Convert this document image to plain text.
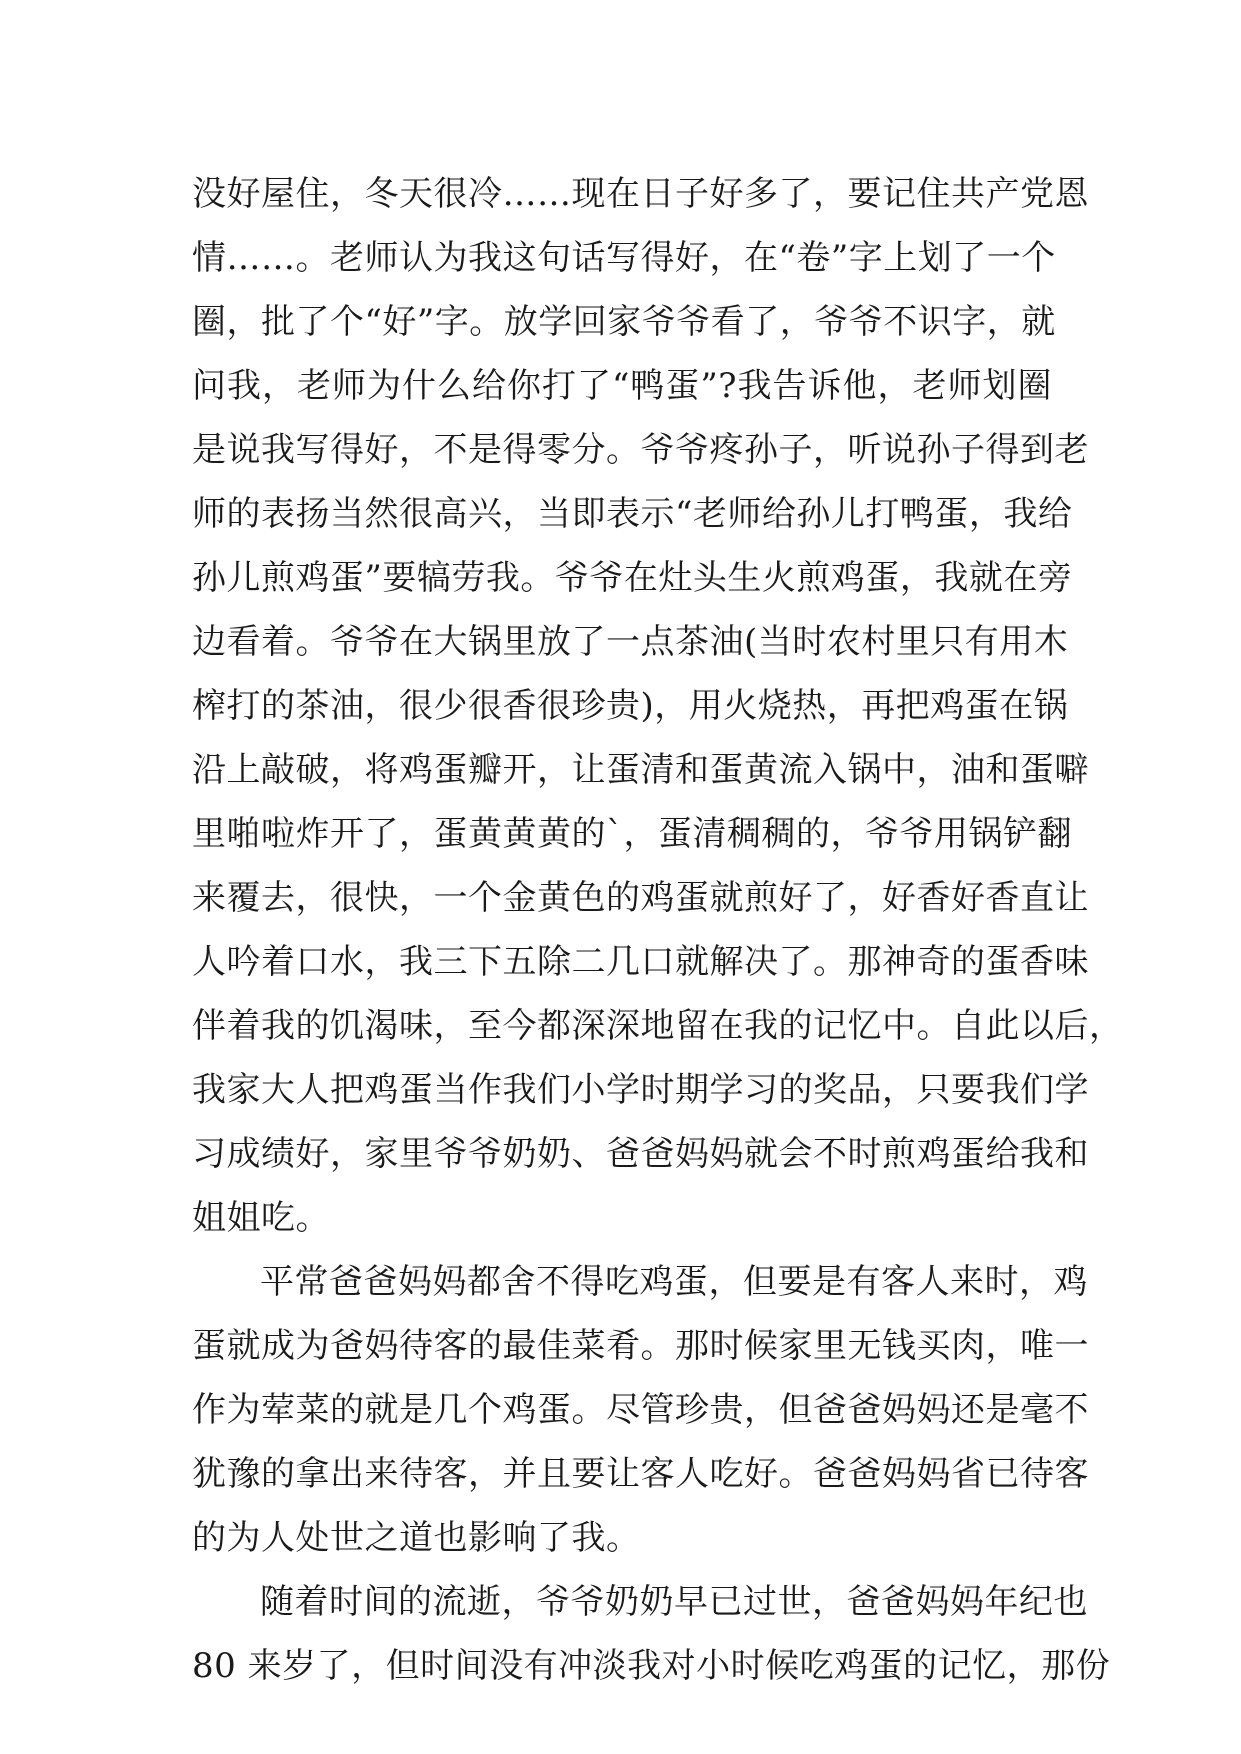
没好屋住，冬天很冷……现在日子好多了，要记住共产党恩
情……。老师认为我这句话写得好，在“卷”字上划了一个
圈，批了个“好”字。放学回家爷爷看了，爷爷不识字，就
问我，老师为什么给你打了“鸭蛋”?我告诉他，老师划圈
是说我写得好，不是得零分。爷爷疼孙子，听说孙子得到老
师的表扬当然很高兴，当即表示“老师给孙儿打鸭蛋，我给
孙儿煎鸡蛋”要犒劳我。爷爷在灶头生火煎鸡蛋，我就在旁
边看着。爷爷在大锅里放了一点茶油(当时农村里只有用木
榨打的茶油，很少很香很珍贵)，用火烧热，再把鸡蛋在锅
沿上敲破，将鸡蛋瓣开，让蛋清和蛋黄流入锅中，油和蛋噼
里啪啦炸开了，蛋黄黄黄的`，蛋清稠稠的，爷爷用锅铲翻
来覆去，很快，一个金黄色的鸡蛋就煎好了，好香好香直让
人吟着口水，我三下五除二几口就解决了。那神奇的蛋香味
伴着我的饥渴味，至今都深深地留在我的记忆中。自此以后，
我家大人把鸡蛋当作我们小学时期学习的奖品，只要我们学
习成绩好，家里爷爷奶奶、爸爸妈妈就会不时煎鸡蛋给我和
姐姐吃。
平常爸爸妈妈都舍不得吃鸡蛋，但要是有客人来时，鸡
蛋就成为爸妈待客的最佳菜肴。那时候家里无钱买肉，唯一
作为荤菜的就是几个鸡蛋。尽管珍贵，但爸爸妈妈还是毫不
犹豫的拿出来待客，并且要让客人吃好。爸爸妈妈省已待客
的为人处世之道也影响了我。
随着时间的流逝，爷爷奶奶早已过世，爸爸妈妈年纪也
80 来岁了，但时间没有冲淡我对小时候吃鸡蛋的记忆，那份
